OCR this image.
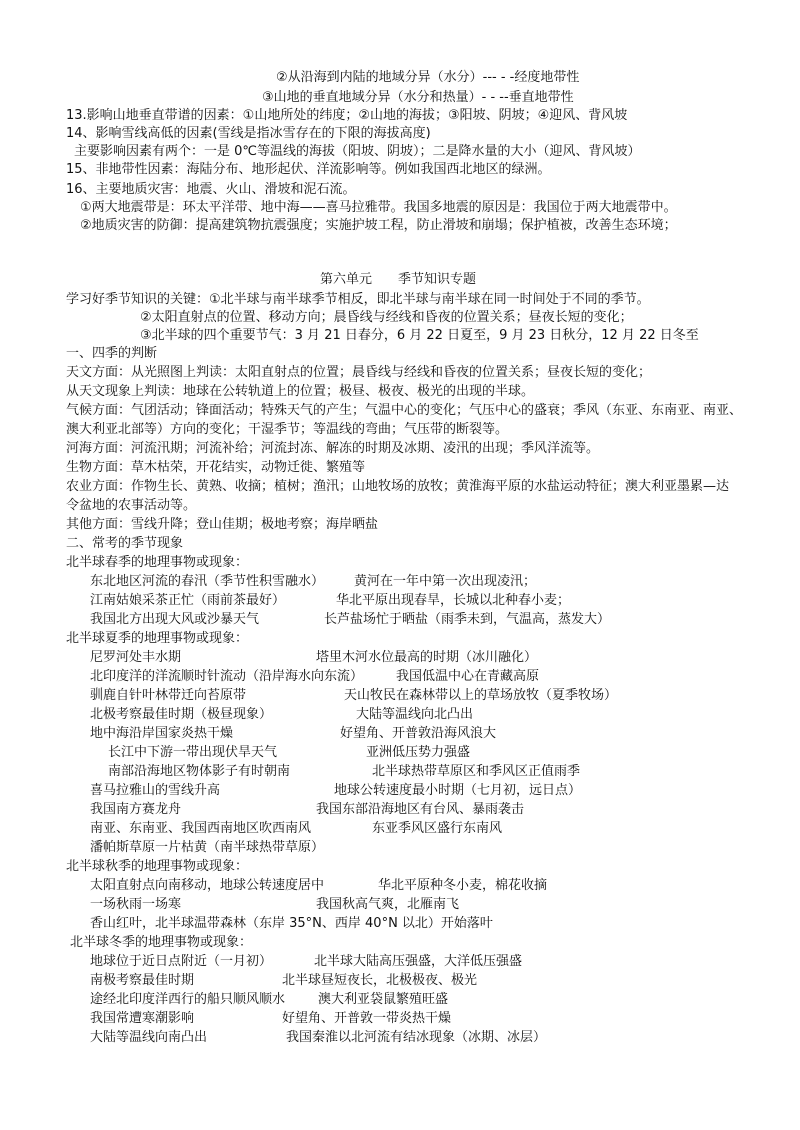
②从沿海到内陆的地域分异（水分）--- - -经度地带性
③山地的垂直地域分异（水分和热量）- - --垂直地带性
13.影响山地垂直带谱的因素：①山地所处的纬度；②山地的海拔；③阳坡、阴坡；④迎风、背风坡
14、影响雪线高低的因素(雪线是指冰雪存在的下限的海拔高度)
主要影响因素有两个：一是 0℃等温线的海拔（阳坡、阴坡）；二是降水量的大小（迎风、背风坡）
15、非地带性因素：海陆分布、地形起伏、洋流影响等。例如我国西北地区的绿洲。
16、主要地质灾害：地震、火山、滑坡和泥石流。
①两大地震带是：环太平洋带、地中海——喜马拉雅带。我国多地震的原因是：我国位于两大地震带中。
②地质灾害的防御：提高建筑物抗震强度；实施护坡工程，防止滑坡和崩塌；保护植被，改善生态环境；
第六单元　　季节知识专题
学习好季节知识的关键：①北半球与南半球季节相反，即北半球与南半球在同一时间处于不同的季节。
②太阳直射点的位置、移动方向；晨昏线与经线和昏夜的位置关系；昼夜长短的变化；
③北半球的四个重要节气：3 月 21 日春分，6 月 22 日夏至，9 月 23 日秋分，12 月 22 日冬至
一、四季的判断
天文方面：从光照图上判读：太阳直射点的位置；晨昏线与经线和昏夜的位置关系；昼夜长短的变化；
从天文现象上判读：地球在公转轨道上的位置；极昼、极夜、极光的出现的半球。
气候方面：气团活动；锋面活动；特殊天气的产生；气温中心的变化；气压中心的盛衰；季风（东亚、东南亚、南亚、
澳大利亚北部等）方向的变化；干湿季节；等温线的弯曲；气压带的断裂等。
河海方面：河流汛期；河流补给；河流封冻、解冻的时期及冰期、凌汛的出现；季风洋流等。
生物方面：草木枯荣，开花结实，动物迁徙、繁殖等
农业方面：作物生长、黄熟、收摘；植树；渔汛；山地牧场的放牧；黄淮海平原的水盐运动特征；澳大利亚墨累—达
令盆地的农事活动等。
其他方面：雪线升降；登山佳期；极地考察；海岸晒盐
二、常考的季节现象
北半球春季的地理事物或现象：
东北地区河流的春汛（季节性积雪融水） 黄河在一年中第一次出现凌汛；
江南姑娘采茶正忙（雨前茶最好）	华北平原出现春旱，长城以北种春小麦；
我国北方出现大风或沙暴天气	长芦盐场忙于晒盐（雨季未到，气温高，蒸发大）
北半球夏季的地理事物或现象：
尼罗河处丰水期	塔里木河水位最高的时期（冰川融化）
北印度洋的洋流顺时针流动（沿岸海水向东流）	我国低温中心在青藏高原
驯鹿自针叶林带迁向苔原带	天山牧民在森林带以上的草场放牧（夏季牧场）
北极考察最佳时期（极昼现象）	大陆等温线向北凸出
地中海沿岸国家炎热干燥	好望角、开普敦沿海风浪大
长江中下游一带出现伏旱天气	亚洲低压势力强盛
南部沿海地区物体影子有时朝南	北半球热带草原区和季风区正值雨季
喜马拉雅山的雪线升高	地球公转速度最小时期（七月初，远日点）
我国南方赛龙舟	我国东部沿海地区有台风、暴雨袭击
南亚、东南亚、我国西南地区吹西南风	东亚季风区盛行东南风
潘帕斯草原一片枯黄（南半球热带草原）
北半球秋季的地理事物或现象：
太阳直射点向南移动，地球公转速度居中	华北平原种冬小麦，棉花收摘
一场秋雨一场寒	我国秋高气爽，北雁南飞
香山红叶，北半球温带森林（东岸 35°N、西岸 40°N 以北）开始落叶
北半球冬季的地理事物或现象：
地球位于近日点附近（一月初）	北半球大陆高压强盛，大洋低压强盛
南极考察最佳时期	北半球昼短夜长，北极极夜、极光
途经北印度洋西行的船只顺风顺水	澳大利亚袋鼠繁殖旺盛
我国常遭寒潮影响	好望角、开普敦一带炎热干燥
大陆等温线向南凸出	我国秦淮以北河流有结冰现象（冰期、冰层）
